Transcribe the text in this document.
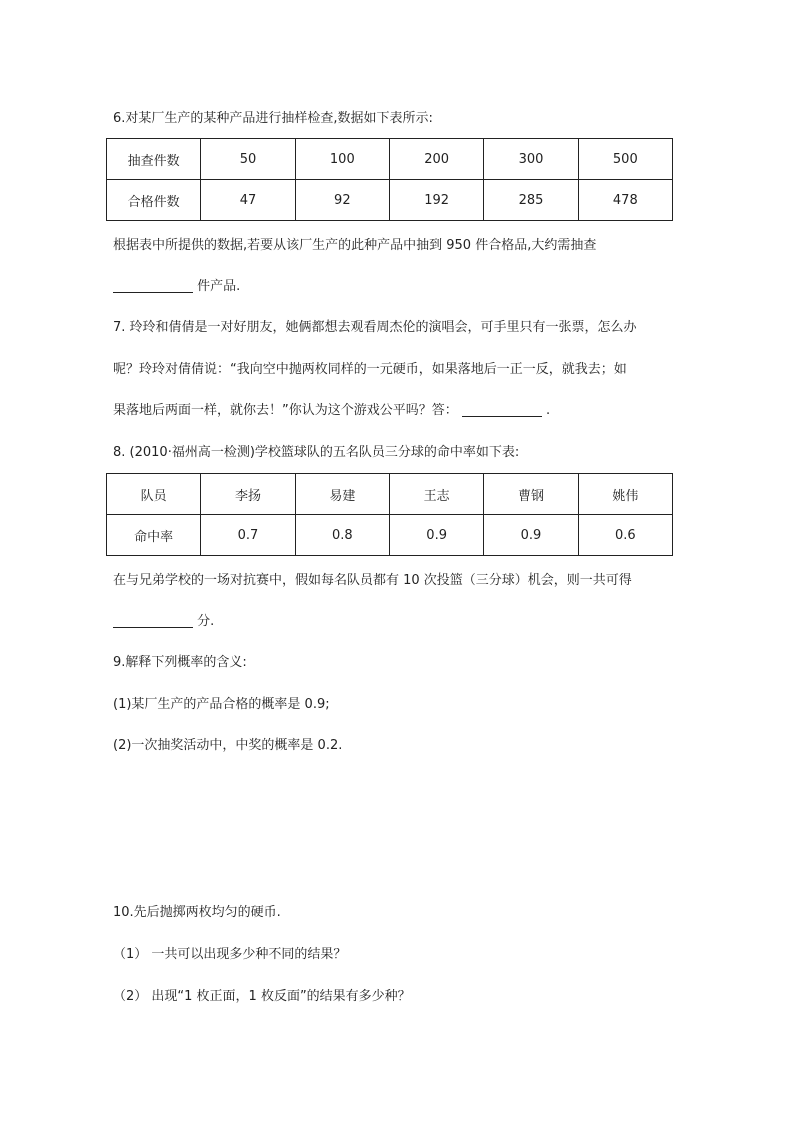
6.对某厂生产的某种产品进行抽样检查,数据如下表所示:
抽查件数	50	100	200	300	500
合格件数	47	92	192	285	478
根据表中所提供的数据,若要从该厂生产的此种产品中抽到 950 件合格品,大约需抽查
件产品.
7. 玲玲和倩倩是一对好朋友，她俩都想去观看周杰伦的演唱会，可手里只有一张票，怎么办
呢？玲玲对倩倩说：“我向空中抛两枚同样的一元硬币，如果落地后一正一反，就我去；如
果落地后两面一样，就你去！”你认为这个游戏公平吗？答：	.
8. (2010·福州高一检测)学校篮球队的五名队员三分球的命中率如下表:
队员	李扬	易建	王志	曹钢	姚伟
命中率	0.7	0.8	0.9	0.9	0.6
在与兄弟学校的一场对抗赛中，假如每名队员都有 10 次投篮（三分球）机会，则一共可得
分.
9.解释下列概率的含义:
(1)某厂生产的产品合格的概率是 0.9;
(2)一次抽奖活动中，中奖的概率是 0.2.
10.先后抛掷两枚均匀的硬币.
（1） 一共可以出现多少种不同的结果？
（2） 出现“1 枚正面，1 枚反面”的结果有多少种？
